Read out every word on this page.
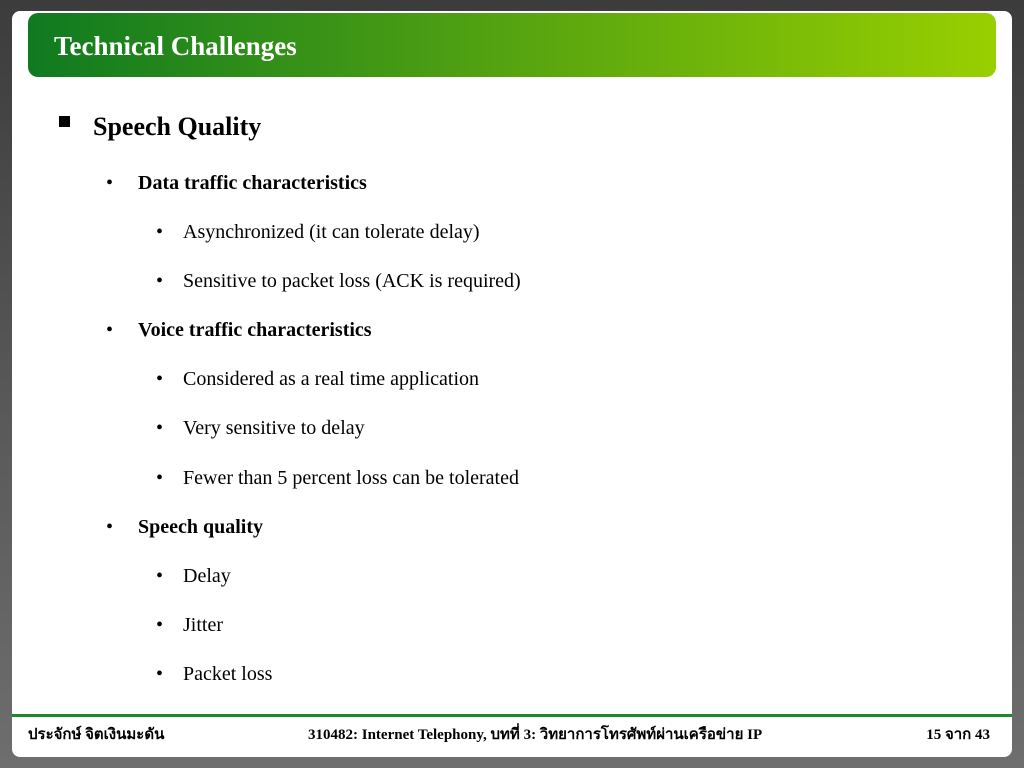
Technical Challenges
Speech Quality
• Data traffic characteristics
• Asynchronized (it can tolerate delay)
• Sensitive to packet loss (ACK is required)
• Voice traffic characteristics
• Considered as a real time application
• Very sensitive to delay
• Fewer than 5 percent loss can be tolerated
• Speech quality
• Delay
• Jitter
• Packet loss
ประจักษ์ จิตเงินมะดัน	310482: Internet Telephony, บทที่ 3: วิทยาการโทรศัพท์ผ่านเครือข่าย IP	15 จาก 43
